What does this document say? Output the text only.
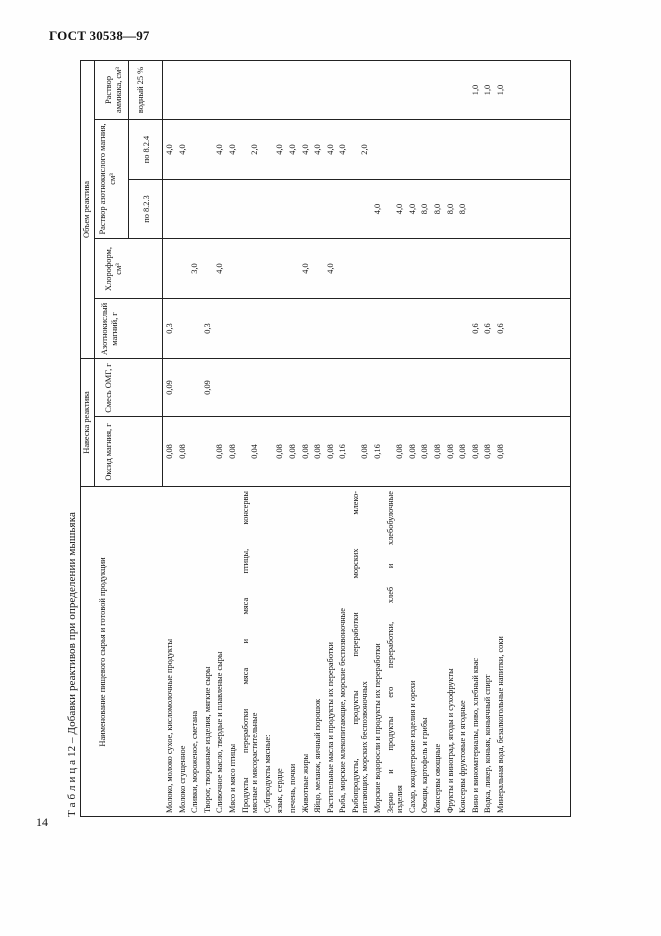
ГОСТ 30538—97
14
Т а б л и ц а 12 – Добавки реактивов при определении мышьяка Наименование пищевого сырья и готовой продукции
Навеска реактива
Объем реактива
Оксид магния, г
Смесь ОМГ, г
Азотнокислый магний, г
Хлороформ, см³
Раствор азотнокислого магния, см³
Раствор аммиака, см³
по 8.2.3
по 8.2.4
водный 25 %
Молоко, молоко сухое, кисломолочные продукты
0,08
0,09
0,3
4,0
Молоко сгущенное
0,08
4,0
Сливки, мороженое, сметана
3,0
Творог, творожные изделия, мягкие сыры
0,09
0,3
Сливочное масло, твердые и плавленые сыры
0,08
4,0
4,0
Мясо и мясо птицы
0,08
4,0
Продукты переработки мяса и мяса птицы, консервы мясные и мясорастительные
0,04
2,0
Субпродукты мясные: язык, сердце
0,08
4,0
печень, почки
0,08
4,0
Животные жиры
0,08
4,0
4,0
Яйцо, меланж, яичный порошок
0,08
4,0
Растительные масла и продукты их переработки
0,08
4,0
4,0
Рыба, морские млекопитающие, морские беспозвоночные
0,16
4,0
Рыбопродукты, продукты переработки морских млеко- питающих, морских беспозвоночных
0,08
2,0
Морские водоросли и продукты их переработки
0,16
4,0
Зерно и продукты его переработки, хлеб и хлебобулочные изделия
0,08
4,0
Сахар, кондитерские изделия и орехи
0,08
4,0
Овощи, картофель и грибы
0,08
8,0
Консервы овощные
0,08
8,0
Фрукты и виноград, ягоды и сухофрукты
0,08
8,0
Консервы фруктовые и ягодные
0,08
8,0
Вино и виноматериалы, пиво, хлебный квас
0,08
0,6
1,0
Водка, ликер, коньяк, коньячный спирт
0,08
0,6
1,0
Минеральная вода, безалкогольные напитки, соки
0,08
0,6
1,0
